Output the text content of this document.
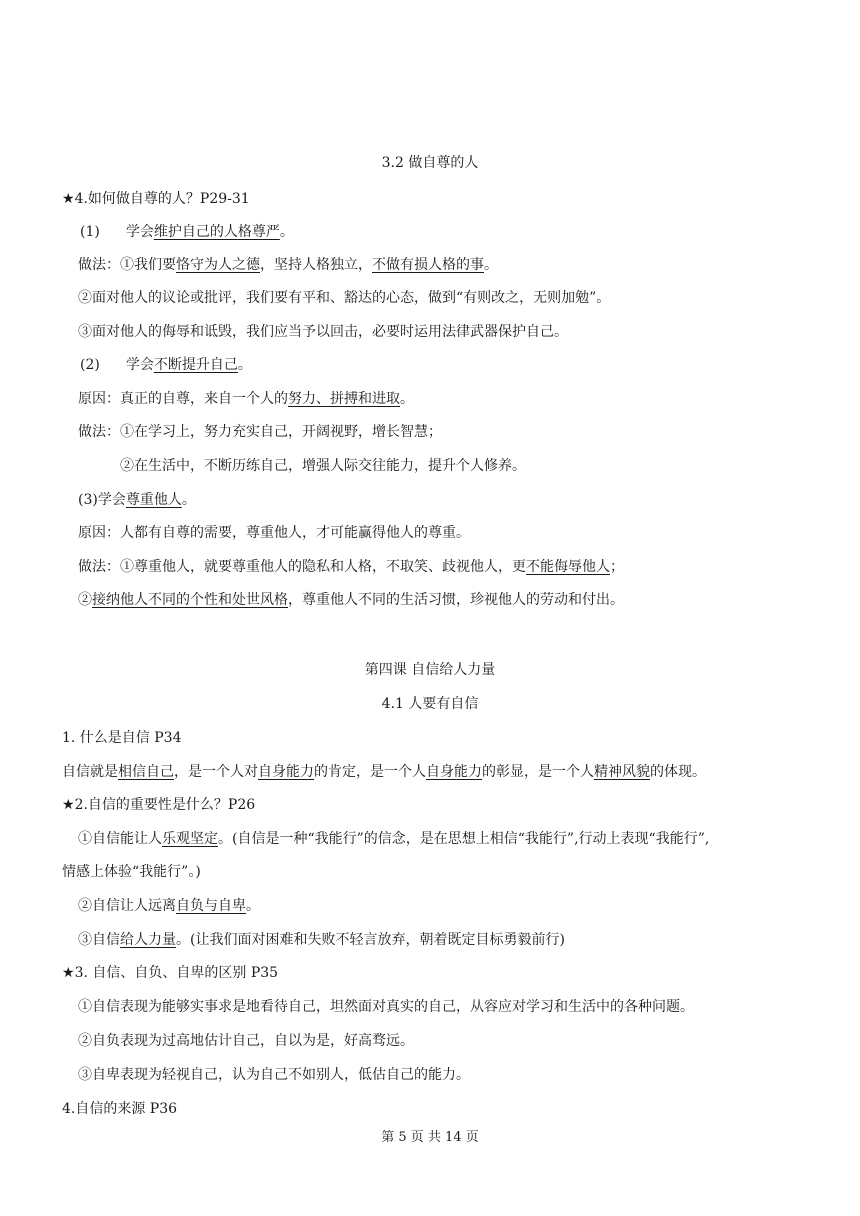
3.2 做自尊的人
★4.如何做自尊的人？P29-31
(1) 学会维护自己的人格尊严。
做法：①我们要恪守为人之德，坚持人格独立，不做有损人格的事。
②面对他人的议论或批评，我们要有平和、豁达的心态，做到“有则改之，无则加勉”。
③面对他人的侮辱和诋毁，我们应当予以回击，必要时运用法律武器保护自己。
(2) 学会不断提升自己。
原因：真正的自尊，来自一个人的努力、拼搏和进取。
做法：①在学习上，努力充实自己，开阔视野，增长智慧；
②在生活中，不断历练自己，增强人际交往能力，提升个人修养。
(3)学会尊重他人。
原因：人都有自尊的需要，尊重他人，才可能赢得他人的尊重。
做法：①尊重他人，就要尊重他人的隐私和人格，不取笑、歧视他人，更不能侮辱他人；
②接纳他人不同的个性和处世风格，尊重他人不同的生活习惯，珍视他人的劳动和付出。
第四课 自信给人力量
4.1 人要有自信
1. 什么是自信 P34
自信就是相信自己，是一个人对自身能力的肯定，是一个人自身能力的彰显，是一个人精神风貌的体现。
★2.自信的重要性是什么？P26
①自信能让人乐观坚定。(自信是一种“我能行”的信念，是在思想上相信“我能行”,行动上表现“我能行”,
情感上体验“我能行”。)
②自信让人远离自负与自卑。
③自信给人力量。(让我们面对困难和失败不轻言放弃，朝着既定目标勇毅前行)
★3. 自信、自负、自卑的区别 P35
①自信表现为能够实事求是地看待自己，坦然面对真实的自己，从容应对学习和生活中的各种问题。
②自负表现为过高地估计自己，自以为是，好高骛远。
③自卑表现为轻视自己，认为自己不如别人，低估自己的能力。
4.自信的来源 P36
第 5 页 共 14 页
